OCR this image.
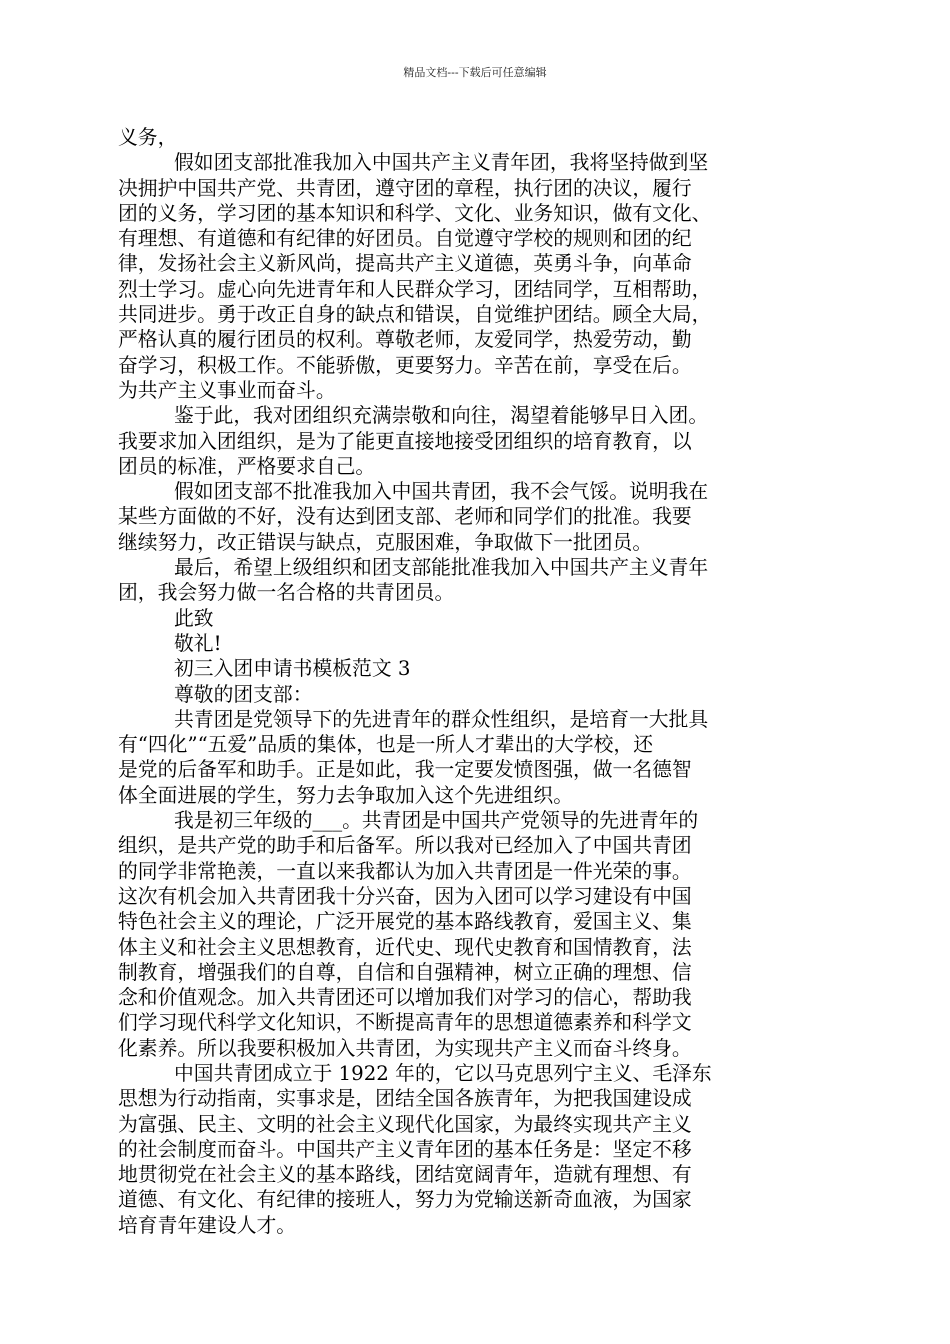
精品文档---下载后可任意编辑
义务，
假如团支部批准我加入中国共产主义青年团，我将坚持做到坚
决拥护中国共产党、共青团，遵守团的章程，执行团的决议，履行
团的义务，学习团的基本知识和科学、文化、业务知识，做有文化、
有理想、有道德和有纪律的好团员。自觉遵守学校的规则和团的纪
律，发扬社会主义新风尚，提高共产主义道德，英勇斗争，向革命
烈士学习。虚心向先进青年和人民群众学习，团结同学，互相帮助，
共同进步。勇于改正自身的缺点和错误，自觉维护团结。顾全大局，
严格认真的履行团员的权利。尊敬老师，友爱同学，热爱劳动，勤
奋学习，积极工作。不能骄傲，更要努力。辛苦在前，享受在后。
为共产主义事业而奋斗。
鉴于此，我对团组织充满崇敬和向往，渴望着能够早日入团。
我要求加入团组织，是为了能更直接地接受团组织的培育教育，以
团员的标准，严格要求自己。
假如团支部不批准我加入中国共青团，我不会气馁。说明我在
某些方面做的不好，没有达到团支部、老师和同学们的批准。我要
继续努力，改正错误与缺点，克服困难，争取做下一批团员。
最后，希望上级组织和团支部能批准我加入中国共产主义青年
团，我会努力做一名合格的共青团员。
此致
敬礼!
初三入团申请书模板范文 3
尊敬的团支部：
共青团是党领导下的先进青年的群众性组织，是培育一大批具
有“四化”“五爱”品质的集体，也是一所人才辈出的大学校，还
是党的后备军和助手。正是如此，我一定要发愤图强，做一名德智
体全面进展的学生，努力去争取加入这个先进组织。
我是初三年级的___。共青团是中国共产党领导的先进青年的
组织，是共产党的助手和后备军。所以我对已经加入了中国共青团
的同学非常艳羡，一直以来我都认为加入共青团是一件光荣的事。
这次有机会加入共青团我十分兴奋，因为入团可以学习建设有中国
特色社会主义的理论，广泛开展党的基本路线教育，爱国主义、集
体主义和社会主义思想教育，近代史、现代史教育和国情教育，法
制教育，增强我们的自尊，自信和自强精神，树立正确的理想、信
念和价值观念。加入共青团还可以增加我们对学习的信心，帮助我
们学习现代科学文化知识，不断提高青年的思想道德素养和科学文
化素养。所以我要积极加入共青团，为实现共产主义而奋斗终身。
中国共青团成立于 1922 年的，它以马克思列宁主义、毛泽东
思想为行动指南，实事求是，团结全国各族青年，为把我国建设成
为富强、民主、文明的社会主义现代化国家，为最终实现共产主义
的社会制度而奋斗。中国共产主义青年团的基本任务是：坚定不移
地贯彻党在社会主义的基本路线，团结宽阔青年，造就有理想、有
道德、有文化、有纪律的接班人，努力为党输送新奇血液，为国家
培育青年建设人才。
